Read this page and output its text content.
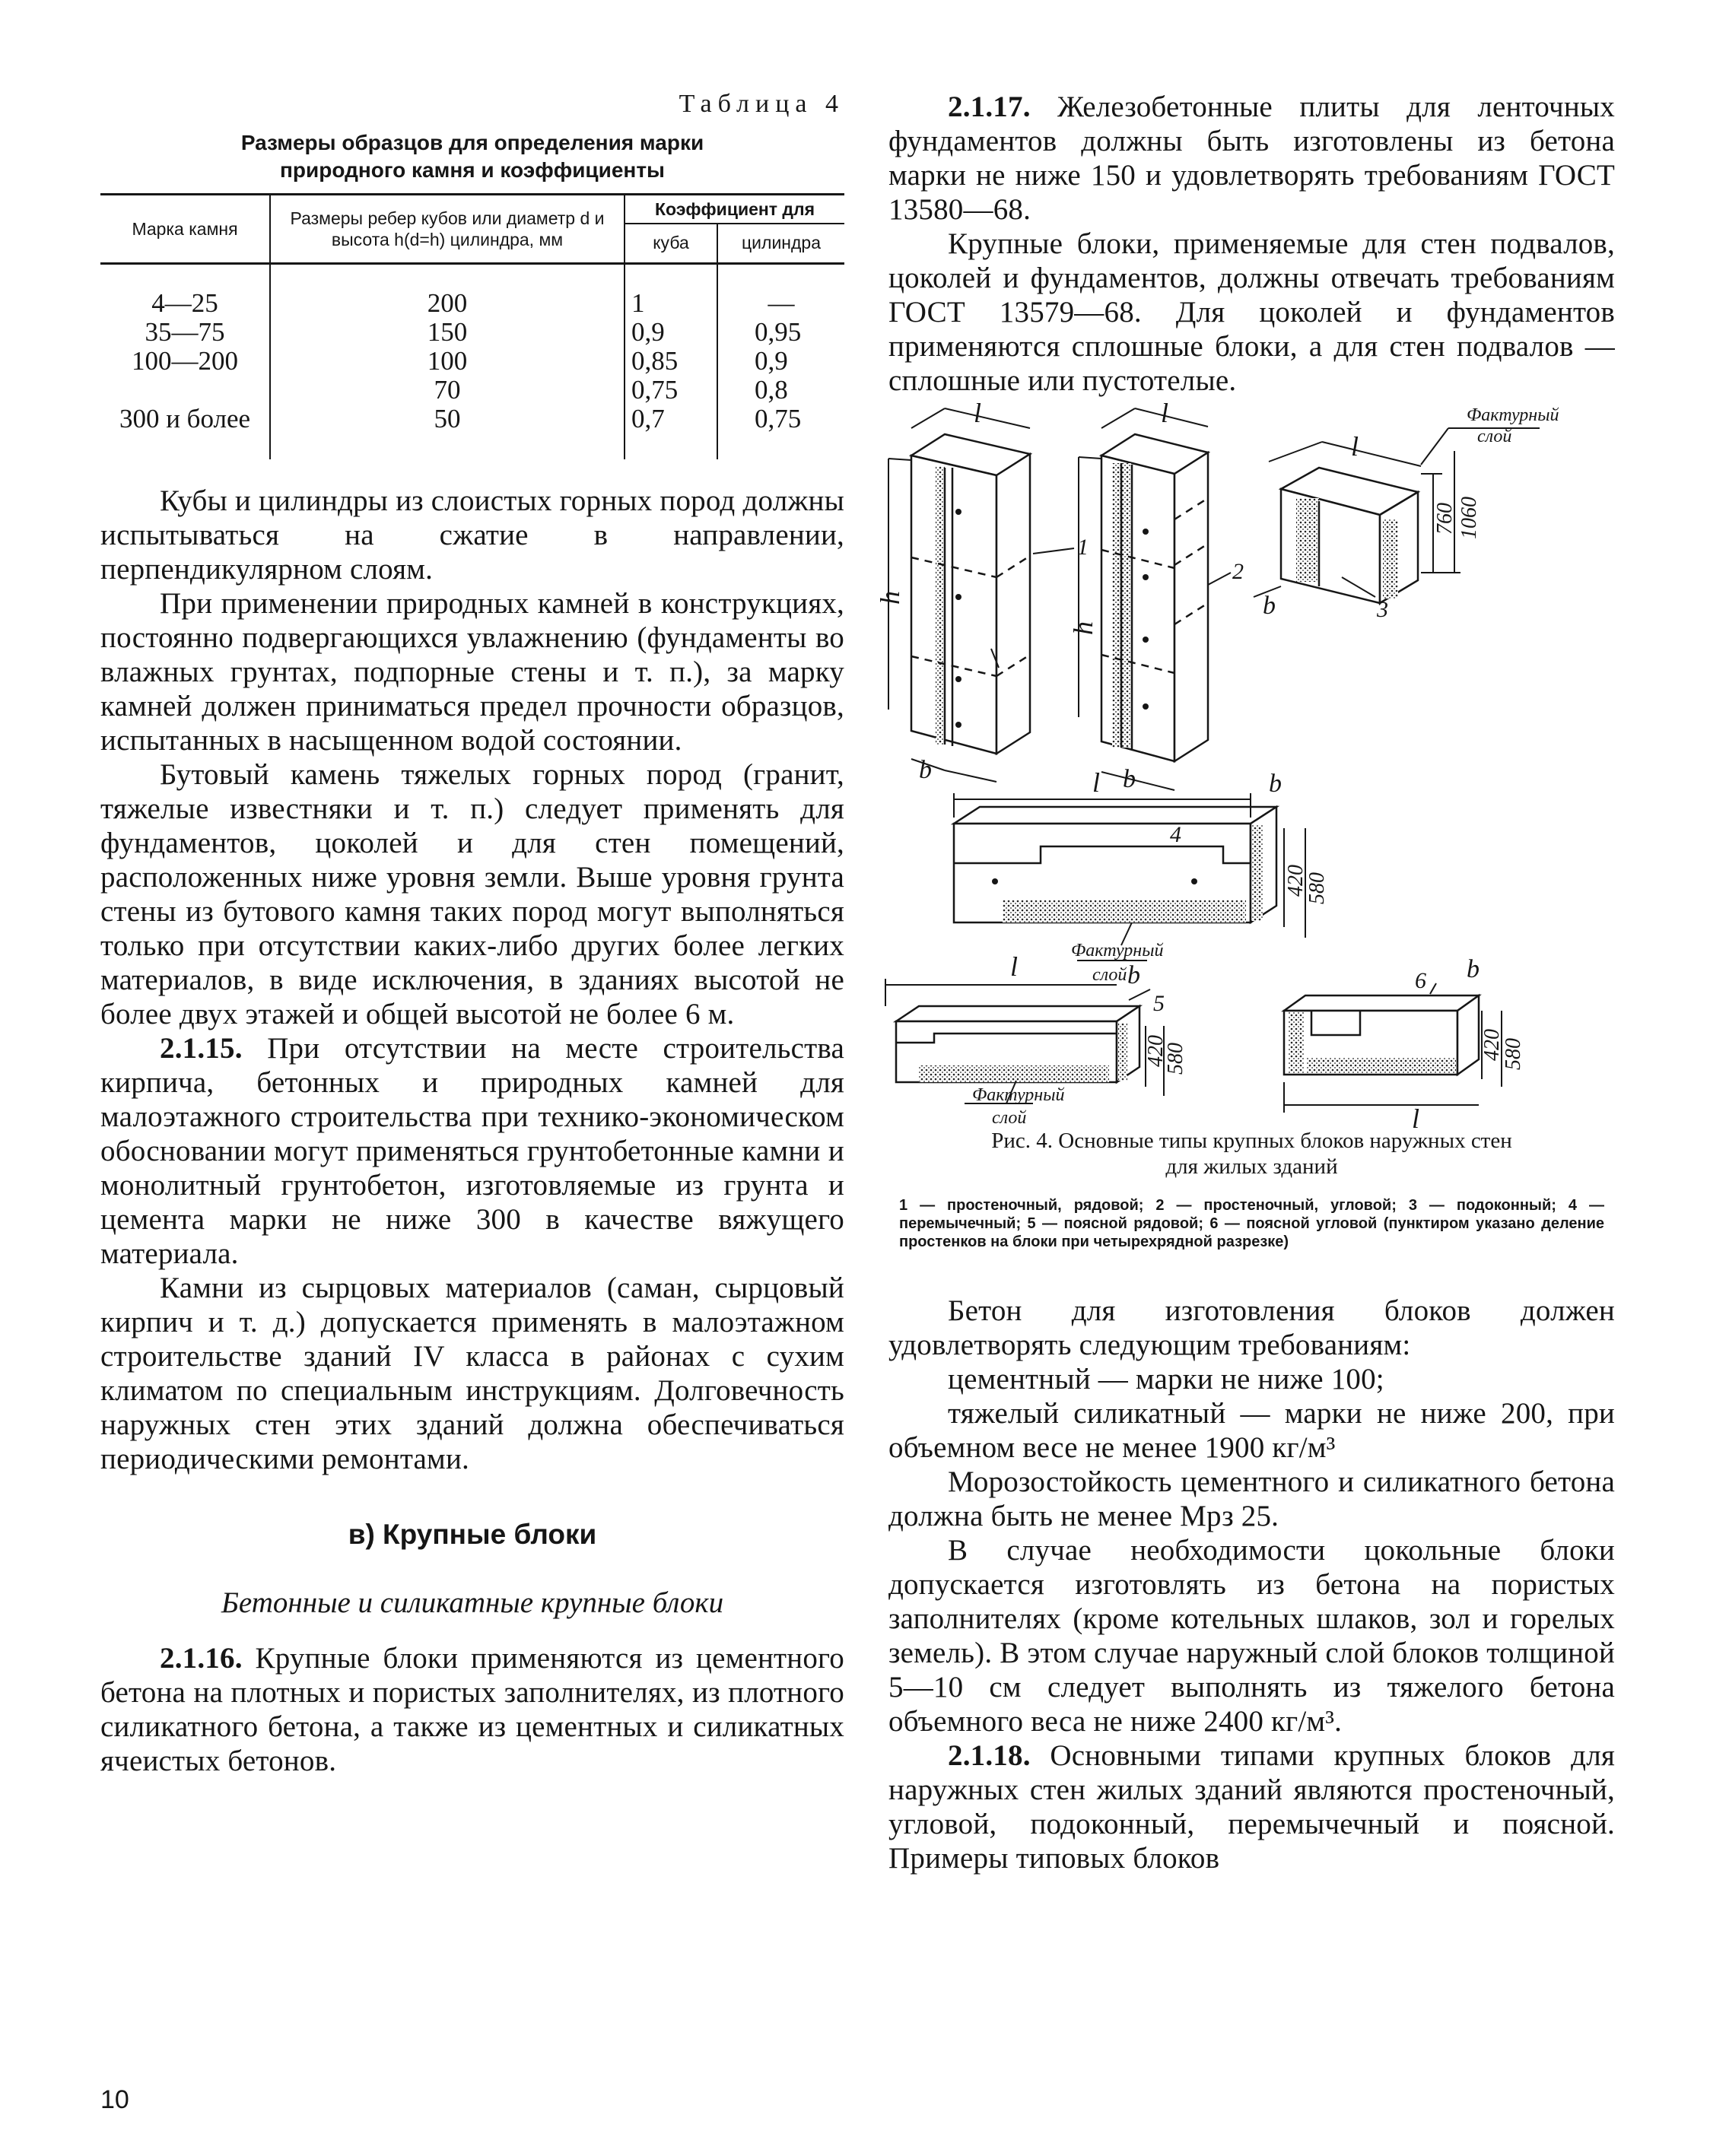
Таблица 4
Размеры образцов для определения марки
природного камня и коэффициенты
Марка камня	Размеры ребер кубов или диаметр d и высота h(d=h) цилиндра, мм	Коэффициент для	
		куба	цилиндра
4—25	200	1	—
35—75	150	0,9	0,95
100—200	100	0,85	0,9
	70	0,75	0,8
300 и более	50	0,7	0,75

Кубы и цилиндры из слоистых горных пород должны испытываться на сжатие в направлении, перпендикулярном слоям.

При применении природных камней в конструкциях, постоянно подвергающихся увлажнению (фундаменты во влажных грунтах, подпорные стены и т. п.), за марку камней должен приниматься предел прочности образцов, испытанных в насыщенном водой состоянии.

Бутовый камень тяжелых горных пород (гранит, тяжелые известняки и т. п.) следует применять для фундаментов, цоколей и для стен помещений, расположенных ниже уровня земли. Выше уровня грунта стены из бутового камня таких пород могут выполняться только при отсутствии каких-либо других более легких материалов, в виде исключения, в зданиях высотой не более двух этажей и общей высотой не более 6 м.

2.1.15. При отсутствии на месте строительства кирпича, бетонных и природных камней для малоэтажного строительства при технико-экономическом обосновании могут применяться грунтобетонные камни и монолитный грунтобетон, изготовляемые из грунта и цемента марки не ниже 300 в качестве вяжущего материала.

Камни из сырцовых материалов (саман, сырцовый кирпич и т. д.) допускается применять в малоэтажном строительстве зданий IV класса в районах с сухим климатом по специальным инструкциям. Долговечность наружных стен этих зданий должна обеспечиваться периодическими ремонтами.

в) Крупные блоки
Бетонные и силикатные крупные блоки

2.1.16. Крупные блоки применяются из цементного бетона на плотных и пористых заполнителях, из плотного силикатного бетона, а также из цементных и силикатных ячеистых бетонов.

2.1.17. Железобетонные плиты для ленточных фундаментов должны быть изготовлены из бетона марки не ниже 150 и удовлетворять требованиям ГОСТ 13580—68.

Крупные блоки, применяемые для стен подвалов, цоколей и фундаментов, должны отвечать требованиям ГОСТ 13579—68. Для цоколей и фундаментов применяются сплошные блоки, а для стен подвалов — сплошные или пустотелые.

l
h
b
1
l
h
b
2
l
b	3
Фактурный
слой
760 1060
l	b
4
420
580
Фактурный
слой
l	b
5
420
580
Фактурный
слой
6 b
l
420
580
Рис. 4. Основные типы крупных блоков наружных стен
для жилых зданий
1 — простеночный, рядовой; 2 — простеночный, угловой; 3 — подоконный; 4 — перемычечный; 5 — поясной рядовой; 6 — поясной угловой (пунктиром указано деление простенков на блоки при четырехрядной разрезке)

Бетон для изготовления блоков должен удовлетворять следующим требованиям:

цементный — марки не ниже 100;

тяжелый силикатный — марки не ниже 200, при объемном весе не менее 1900 кг/м³

Морозостойкость цементного и силикатного бетона должна быть не менее Мрз 25.

В случае необходимости цокольные блоки допускается изготовлять из бетона на пористых заполнителях (кроме котельных шлаков, зол и горелых земель). В этом случае наружный слой блоков толщиной 5—10 см следует выполнять из тяжелого бетона объемного веса не ниже 2400 кг/м³.

2.1.18. Основными типами крупных блоков для наружных стен жилых зданий являются простеночный, угловой, подоконный, перемычечный и поясной. Примеры типовых блоков

10
